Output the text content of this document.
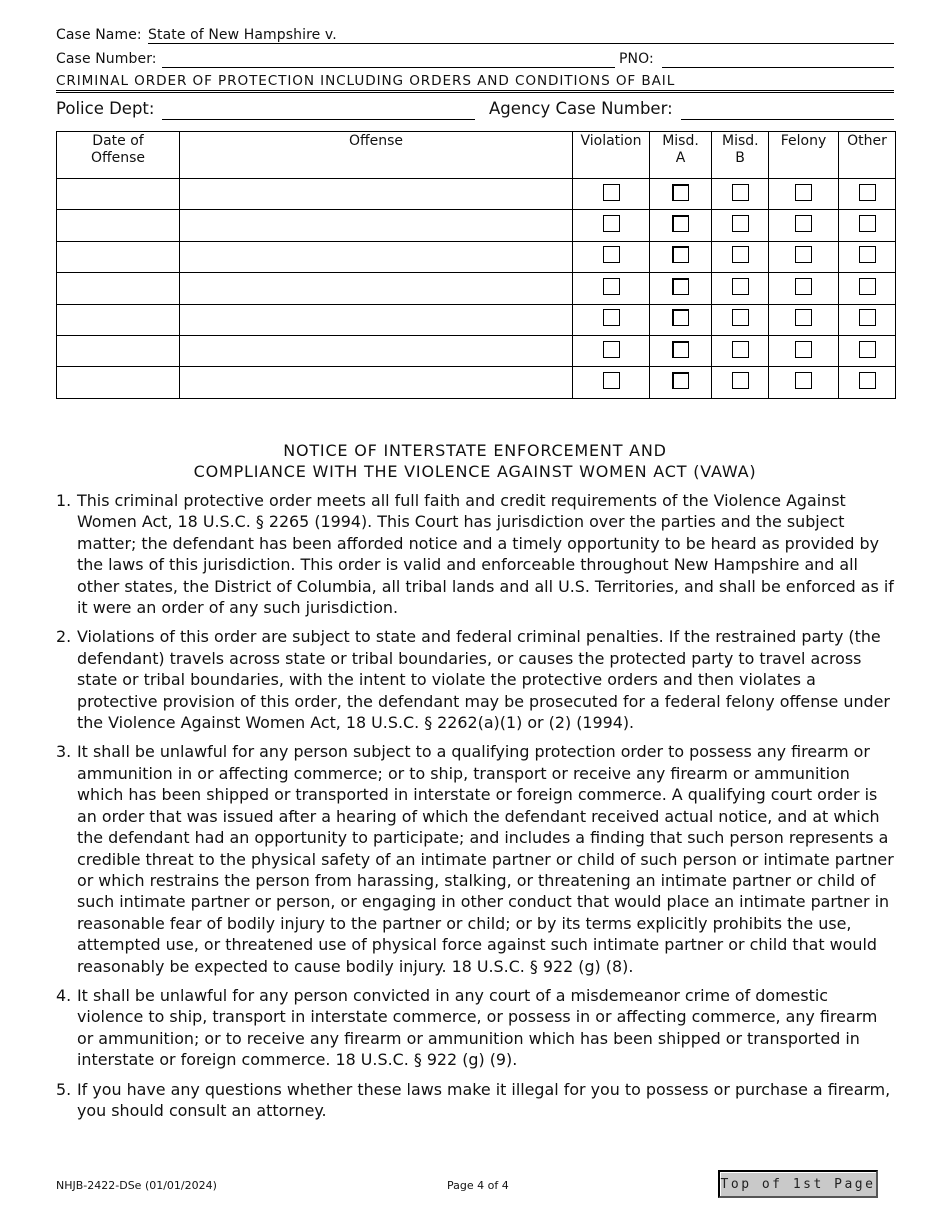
Case Name: State of New Hampshire v.
Case Number:	PNO:
CRIMINAL ORDER OF PROTECTION INCLUDING ORDERS AND CONDITIONS OF BAIL
Police Dept:	Agency Case Number:
Date of Offense	Offense	Violation	Misd. A	Misd. B	Felony	Other

NOTICE OF INTERSTATE ENFORCEMENT AND
COMPLIANCE WITH THE VIOLENCE AGAINST WOMEN ACT (VAWA)
1. This criminal protective order meets all full faith and credit requirements of the Violence Against Women Act, 18 U.S.C. § 2265 (1994). This Court has jurisdiction over the parties and the subject matter; the defendant has been afforded notice and a timely opportunity to be heard as provided by the laws of this jurisdiction. This order is valid and enforceable throughout New Hampshire and all other states, the District of Columbia, all tribal lands and all U.S. Territories, and shall be enforced as if it were an order of any such jurisdiction.
2. Violations of this order are subject to state and federal criminal penalties. If the restrained party (the defendant) travels across state or tribal boundaries, or causes the protected party to travel across state or tribal boundaries, with the intent to violate the protective orders and then violates a protective provision of this order, the defendant may be prosecuted for a federal felony offense under the Violence Against Women Act, 18 U.S.C. § 2262(a)(1) or (2) (1994).
3. It shall be unlawful for any person subject to a qualifying protection order to possess any firearm or ammunition in or affecting commerce; or to ship, transport or receive any firearm or ammunition which has been shipped or transported in interstate or foreign commerce. A qualifying court order is an order that was issued after a hearing of which the defendant received actual notice, and at which the defendant had an opportunity to participate; and includes a finding that such person represents a credible threat to the physical safety of an intimate partner or child of such person or intimate partner or which restrains the person from harassing, stalking, or threatening an intimate partner or child of such intimate partner or person, or engaging in other conduct that would place an intimate partner in reasonable fear of bodily injury to the partner or child; or by its terms explicitly prohibits the use, attempted use, or threatened use of physical force against such intimate partner or child that would reasonably be expected to cause bodily injury. 18 U.S.C. § 922 (g) (8).
4. It shall be unlawful for any person convicted in any court of a misdemeanor crime of domestic violence to ship, transport in interstate commerce, or possess in or affecting commerce, any firearm or ammunition; or to receive any firearm or ammunition which has been shipped or transported in interstate or foreign commerce. 18 U.S.C. § 922 (g) (9).
5. If you have any questions whether these laws make it illegal for you to possess or purchase a firearm, you should consult an attorney.
NHJB-2422-DSe (01/01/2024)	Page 4 of 4	Top of 1st Page
